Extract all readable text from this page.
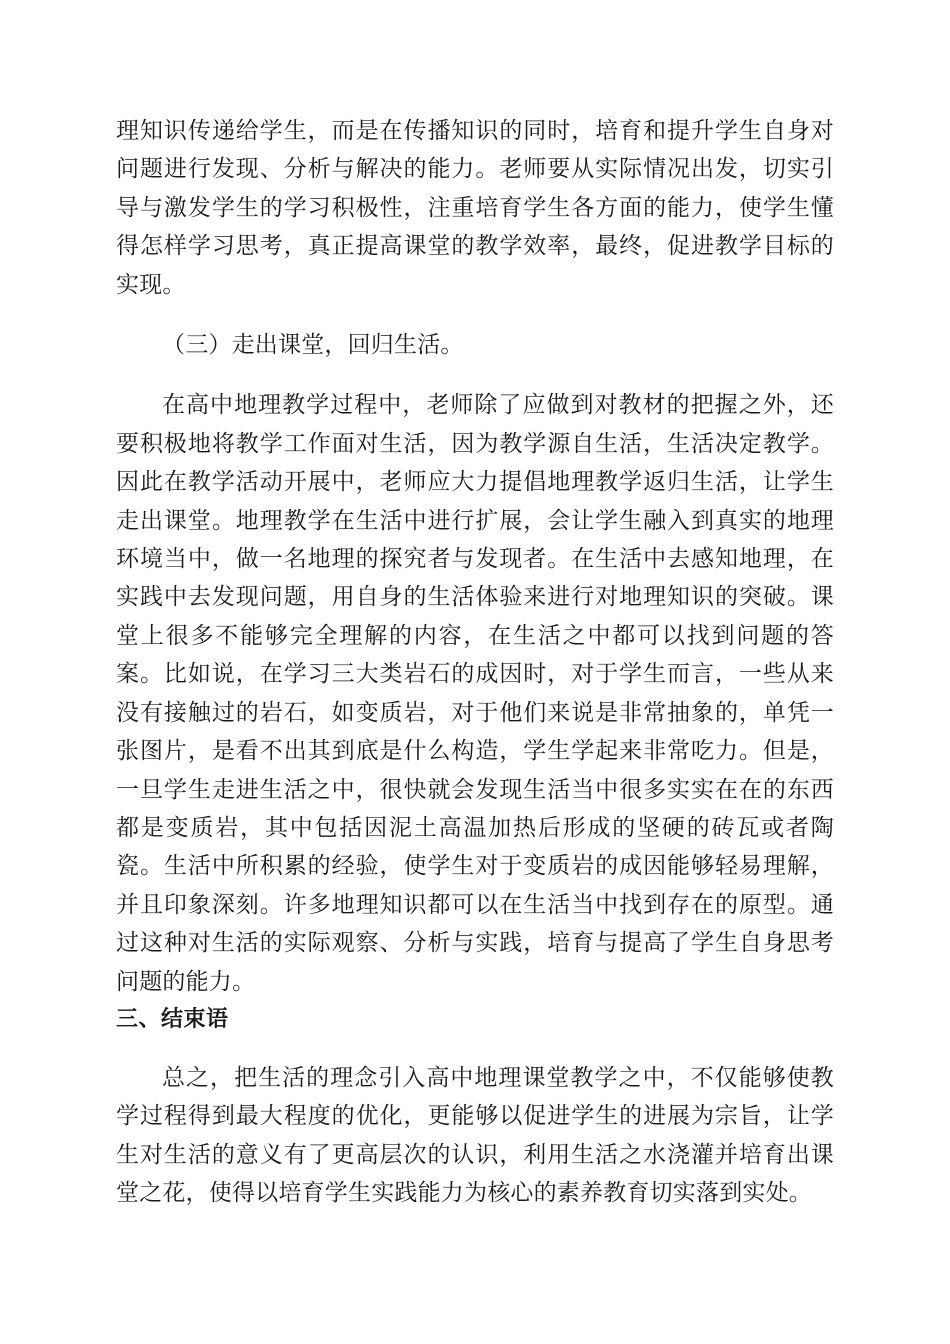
理知识传递给学生，而是在传播知识的同时，培育和提升学生自身对问题进行发现、分析与解决的能力。老师要从实际情况出发，切实引导与激发学生的学习积极性，注重培育学生各方面的能力，使学生懂得怎样学习思考，真正提高课堂的教学效率，最终，促进教学目标的实现。

（三）走出课堂，回归生活。

在高中地理教学过程中，老师除了应做到对教材的把握之外，还要积极地将教学工作面对生活，因为教学源自生活，生活决定教学。因此在教学活动开展中，老师应大力提倡地理教学返归生活，让学生走出课堂。地理教学在生活中进行扩展，会让学生融入到真实的地理环境当中，做一名地理的探究者与发现者。在生活中去感知地理，在实践中去发现问题，用自身的生活体验来进行对地理知识的突破。课堂上很多不能够完全理解的内容，在生活之中都可以找到问题的答案。比如说，在学习三大类岩石的成因时，对于学生而言，一些从来没有接触过的岩石，如变质岩，对于他们来说是非常抽象的，单凭一张图片，是看不出其到底是什么构造，学生学起来非常吃力。但是，一旦学生走进生活之中，很快就会发现生活当中很多实实在在的东西都是变质岩，其中包括因泥土高温加热后形成的坚硬的砖瓦或者陶瓷。生活中所积累的经验，使学生对于变质岩的成因能够轻易理解，并且印象深刻。许多地理知识都可以在生活当中找到存在的原型。通过这种对生活的实际观察、分析与实践，培育与提高了学生自身思考问题的能力。

三、结束语

总之，把生活的理念引入高中地理课堂教学之中，不仅能够使教学过程得到最大程度的优化，更能够以促进学生的进展为宗旨，让学生对生活的意义有了更高层次的认识，利用生活之水浇灌并培育出课堂之花，使得以培育学生实践能力为核心的素养教育切实落到实处。
